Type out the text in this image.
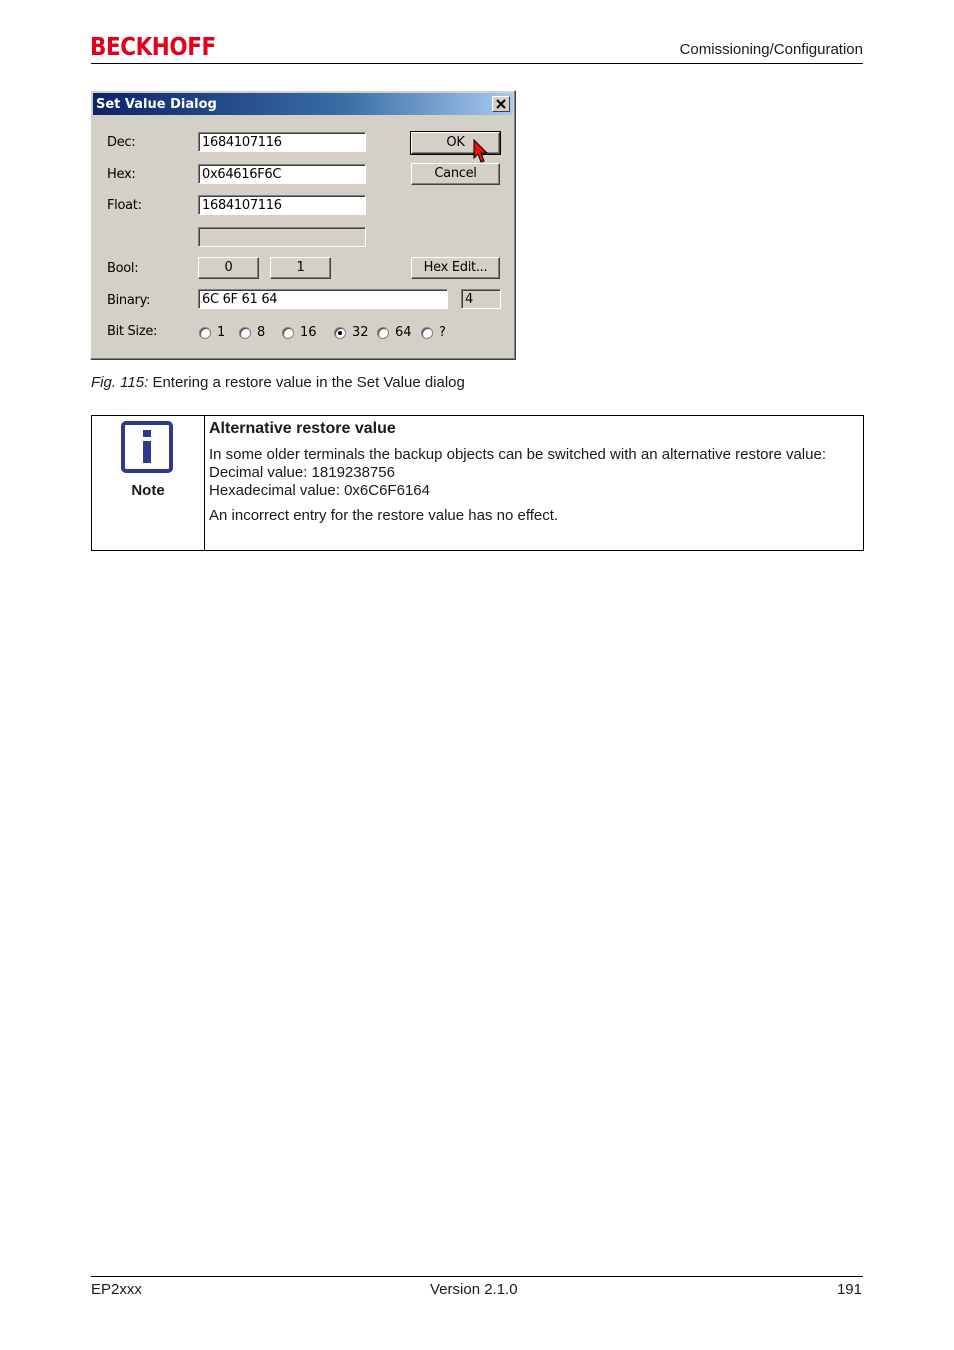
BECKHOFF	Comissioning/Configuration
Set Value Dialog
Dec:	1684107116
Hex:	0x64616F6C
Float:	1684107116
Bool:	0	1
Binary:	6C 6F 61 64	4
OK
Cancel
Hex Edit...
Bit Size:	1 8	16	32 64 ?
Fig. 115: Entering a restore value in the Set Value dialog
Note
Alternative restore value

In some older terminals the backup objects can be switched with an alternative restore value:

Decimal value: 1819238756

Hexadecimal value: 0x6C6F6164

An incorrect entry for the restore value has no effect.

EP2xxx	Version 2.1.0	191
